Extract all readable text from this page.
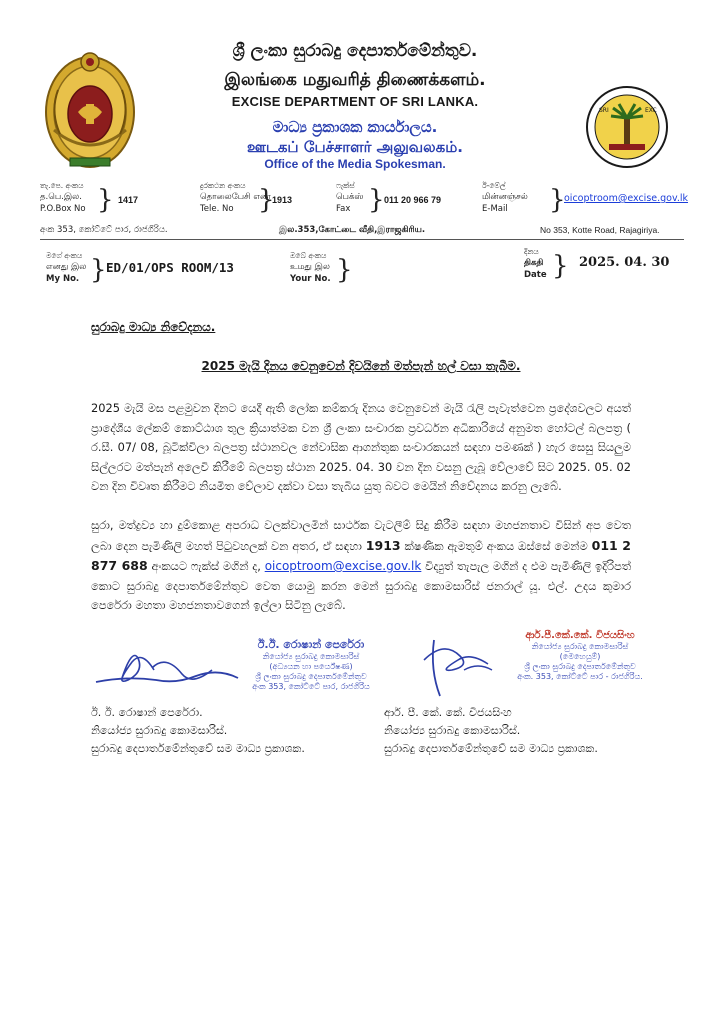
SRI	EXC
ශ්‍රී ලංකා සුරාබදු දෙපාර්තමේන්තුව.
இலங்கை மதுவரித் திணைக்களம்.
EXCISE DEPARTMENT OF SRI LANKA.
මාධ්‍ය ප්‍රකාශක කාර්යාලය.
ஊடகப் பேச்சாளர் அலுவலகம்.
Office of the Media Spokesman.
තැ.පෙ. අංකය
த.பெ.இல.
P.O.Box No } 1417
දුරකථන අංකය
தொலைபேசி எண்
Tele. No }
1913
ෆැක්ස්
பெக்ஸ்
Fax } 011 20 966 79
ඊ-මේල්
மின்னஞ்சல்
E-Mail	}
oicoptroom@excise.gov.lk
අංක 353, කෝට්ටේ පාර, රාජගිරිය.	இல.353,கோட்டை வீதி,இராஜகிரிய.	No 353, Kotte Road, Rajagiriya.
මගේ අංකය
எனது இல
My No. } ED/01/OPS ROOM/13
ඔබේ අංකය
உமது இல
Your No. }
දිනය
திகதி
Date } 2025. 04. 30
සුරාබදු මාධ්‍ය නිවේදනය.
2025 මැයි දිනය වෙනුවෙන් දිවයිනේ මත්පැන් හල් වසා තැබීම.
2025 මැයි මස පළමුවන දිනට යෙදී ඇති ලෝක කම්කරු දිනය වෙනුවෙන් මැයි රැලි පැවැත්වෙන ප්‍රදේශවලට අයත් ප්‍රාදේශීය ලේකම් කොට්ඨාශ තුල ක්‍රියාත්මක වන ශ්‍රී ලංකා සංචාරක ප්‍රවර්ධන අධිකාරියේ අනුමත හෝටල් බලපත්‍ර ( ර.සී. 07/ 08, බූටික්විලා බලපත්‍ර ස්ථානවල නේවාසික ආගන්තුක සංචාරකයන් සඳහා පමණක් ) හැර සෙසු සියලුම සිල්ලරට මත්පැන් අලෙවි කිරීමේ බලපත්‍ර ස්ථාන 2025. 04. 30 වන දින වසනු ලැබූ වේලාවේ සිට 2025. 05. 02 වන දින විවෘත කිරීමට නියමිත වේලාව දක්වා වසා තැබිය යුතු බවට මෙයින් නිවේදනය කරනු ලැබේ.
සුරා, මත්ද්‍රව්‍ය හා දුම්කොළ අපරාධ වලක්වාලමින් සාර්ථක වැටලීම් සිදු කිරීම සඳහා මහජනතාව විසින් අප වෙත ලබා දෙන පැමිණිලි මහත් පිටුවහලක් වන අතර, ඒ සඳහා 1913 ක්ෂණික ඇමතුම් අංකය ඔස්සේ මෙන්ම 011 2 877 688 අංකයට ෆැක්ස් මගින් ද, oicoptroom@excise.gov.lk විද්‍යුත් තැපැල මගින් ද එම පැමිණිලි ඉදිරිපත් කොට සුරාබදු දෙපාර්තමේන්තුව වෙත යොමු කරන මෙන් සුරාබදු කොමසාරිස් ජනරාල් යූ. එල්. උදය කුමාර පෙරේරා මහතා මහජනතාවගෙන් ඉල්ලා සිටිනු ලැබේ.
ඊ.ඊ. රොෂාන් පෙරේරා
නියෝජ්‍ය සුරාබදු කොමසාරිස්
(අධ්‍යයන හා පර්යේෂණ)
ශ්‍රී ලංකා සුරාබදු දෙපාර්තමේන්තුව
අංක 353, කෝට්ටේ පාර, රාජගිරිය
ආර්.පී.කේ.කේ. විජයසිංහ
නියෝජ්‍ය සුරාබදු කොමසාරිස්
(මෙහෙයුම්)
ශ්‍රී ලංකා සුරාබදු දෙපාර්තමේන්තුව
අංක. 353, කෝට්ටේ පාර - රාජගිරිය.
ඊ. ඊ. රොෂාන් පෙරේරා.
නියෝජ්‍ය සුරාබදු කොමසාරිස්.
සුරාබදු දෙපාර්තමේන්තුවේ සම මාධ්‍ය ප්‍රකාශක.
ආර්. පී. කේ. කේ. විජයසිංහ
නියෝජ්‍ය සුරාබදු කොමසාරිස්.
සුරාබදු දෙපාර්තමේන්තුවේ සම මාධ්‍ය ප්‍රකාශක.
